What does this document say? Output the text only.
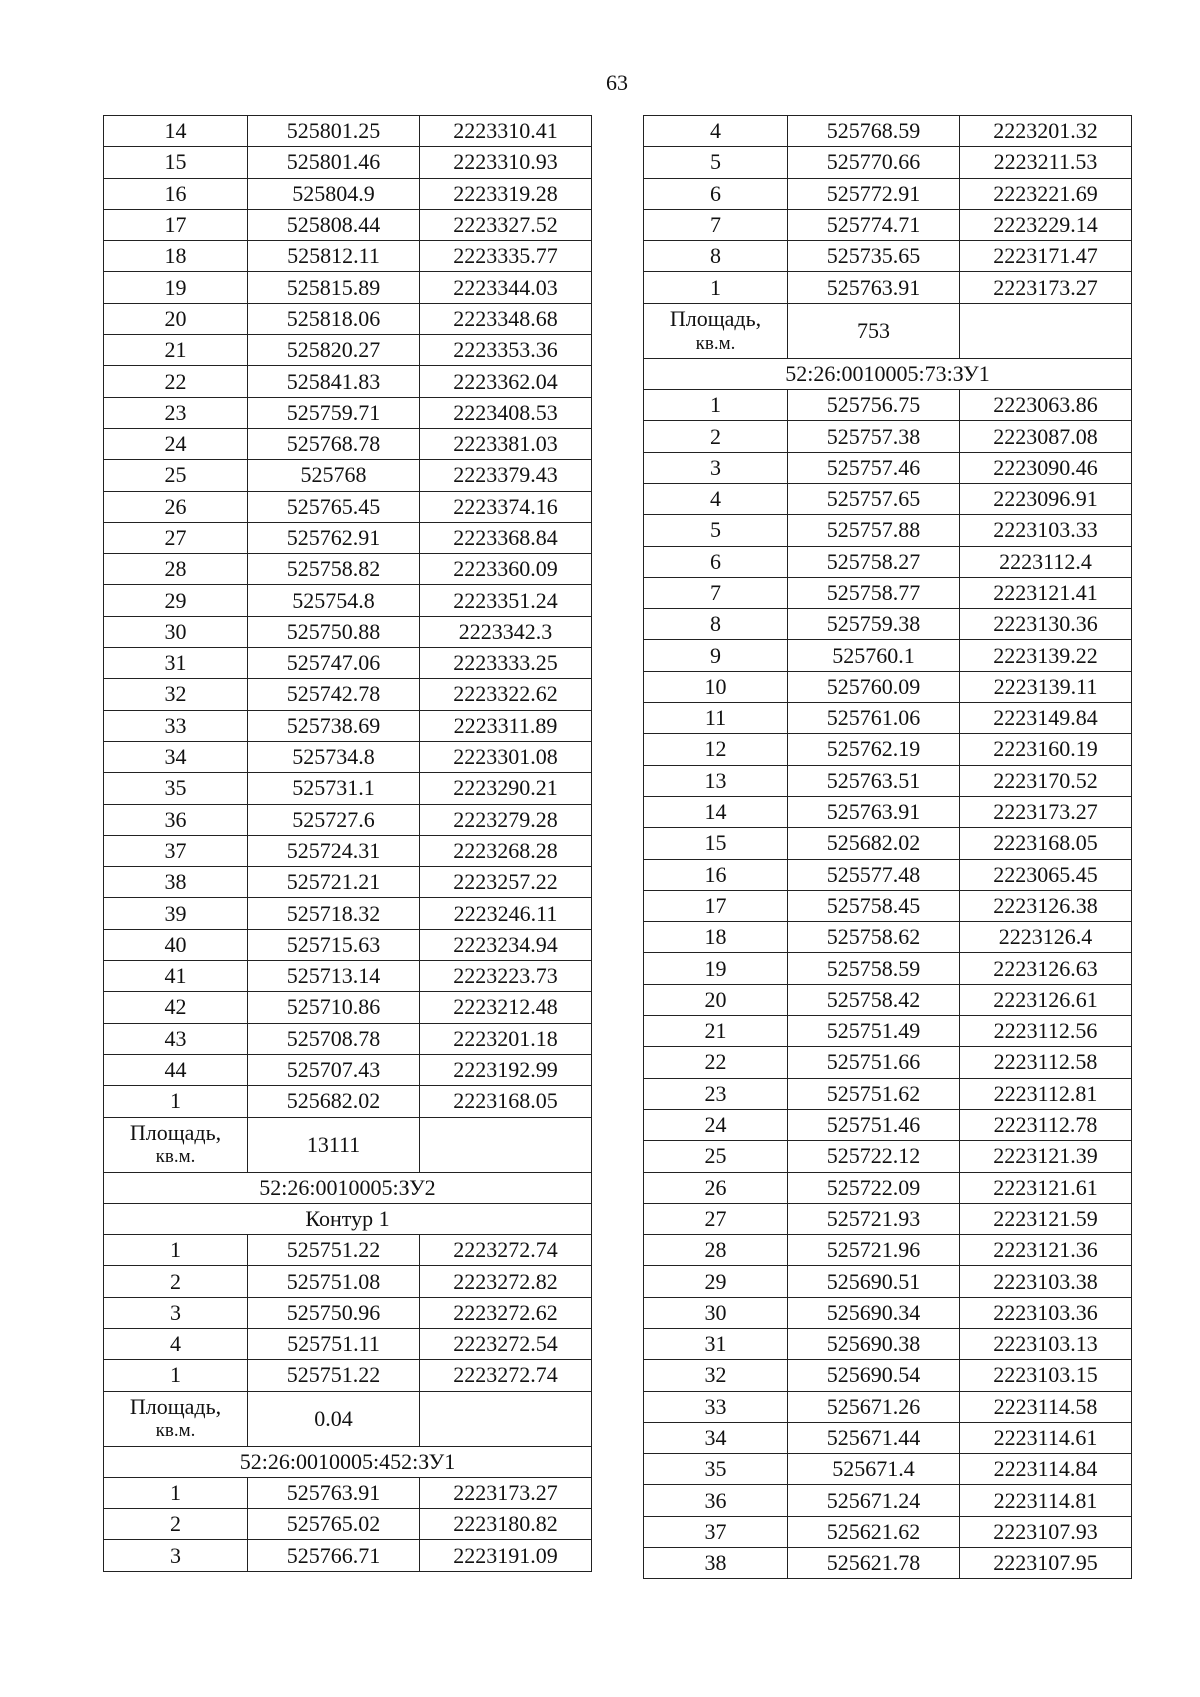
63
14	525801.25	2223310.41
15	525801.46	2223310.93
16	525804.9	2223319.28
17	525808.44	2223327.52
18	525812.11	2223335.77
19	525815.89	2223344.03
20	525818.06	2223348.68
21	525820.27	2223353.36
22	525841.83	2223362.04
23	525759.71	2223408.53
24	525768.78	2223381.03
25	525768	2223379.43
26	525765.45	2223374.16
27	525762.91	2223368.84
28	525758.82	2223360.09
29	525754.8	2223351.24
30	525750.88	2223342.3
31	525747.06	2223333.25
32	525742.78	2223322.62
33	525738.69	2223311.89
34	525734.8	2223301.08
35	525731.1	2223290.21
36	525727.6	2223279.28
37	525724.31	2223268.28
38	525721.21	2223257.22
39	525718.32	2223246.11
40	525715.63	2223234.94
41	525713.14	2223223.73
42	525710.86	2223212.48
43	525708.78	2223201.18
44	525707.43	2223192.99
1	525682.02	2223168.05

Площадь,
кв.м.	13111	
52:26:0010005:ЗУ2		
Контур 1		
1	525751.22	2223272.74
2	525751.08	2223272.82
3	525750.96	2223272.62
4	525751.11	2223272.54
1	525751.22	2223272.74

Площадь,
кв.м.	0.04	
52:26:0010005:452:ЗУ1		
1	525763.91	2223173.27
2	525765.02	2223180.82
3	525766.71	2223191.09
4	525768.59	2223201.32
5	525770.66	2223211.53
6	525772.91	2223221.69
7	525774.71	2223229.14
8	525735.65	2223171.47
1	525763.91	2223173.27

Площадь,
кв.м.	753	
52:26:0010005:73:ЗУ1		
1	525756.75	2223063.86
2	525757.38	2223087.08
3	525757.46	2223090.46
4	525757.65	2223096.91
5	525757.88	2223103.33
6	525758.27	2223112.4
7	525758.77	2223121.41
8	525759.38	2223130.36
9	525760.1	2223139.22
10	525760.09	2223139.11
11	525761.06	2223149.84
12	525762.19	2223160.19
13	525763.51	2223170.52
14	525763.91	2223173.27
15	525682.02	2223168.05
16	525577.48	2223065.45
17	525758.45	2223126.38
18	525758.62	2223126.4
19	525758.59	2223126.63
20	525758.42	2223126.61
21	525751.49	2223112.56
22	525751.66	2223112.58
23	525751.62	2223112.81
24	525751.46	2223112.78
25	525722.12	2223121.39
26	525722.09	2223121.61
27	525721.93	2223121.59
28	525721.96	2223121.36
29	525690.51	2223103.38
30	525690.34	2223103.36
31	525690.38	2223103.13
32	525690.54	2223103.15
33	525671.26	2223114.58
34	525671.44	2223114.61
35	525671.4	2223114.84
36	525671.24	2223114.81
37	525621.62	2223107.93
38	525621.78	2223107.95
